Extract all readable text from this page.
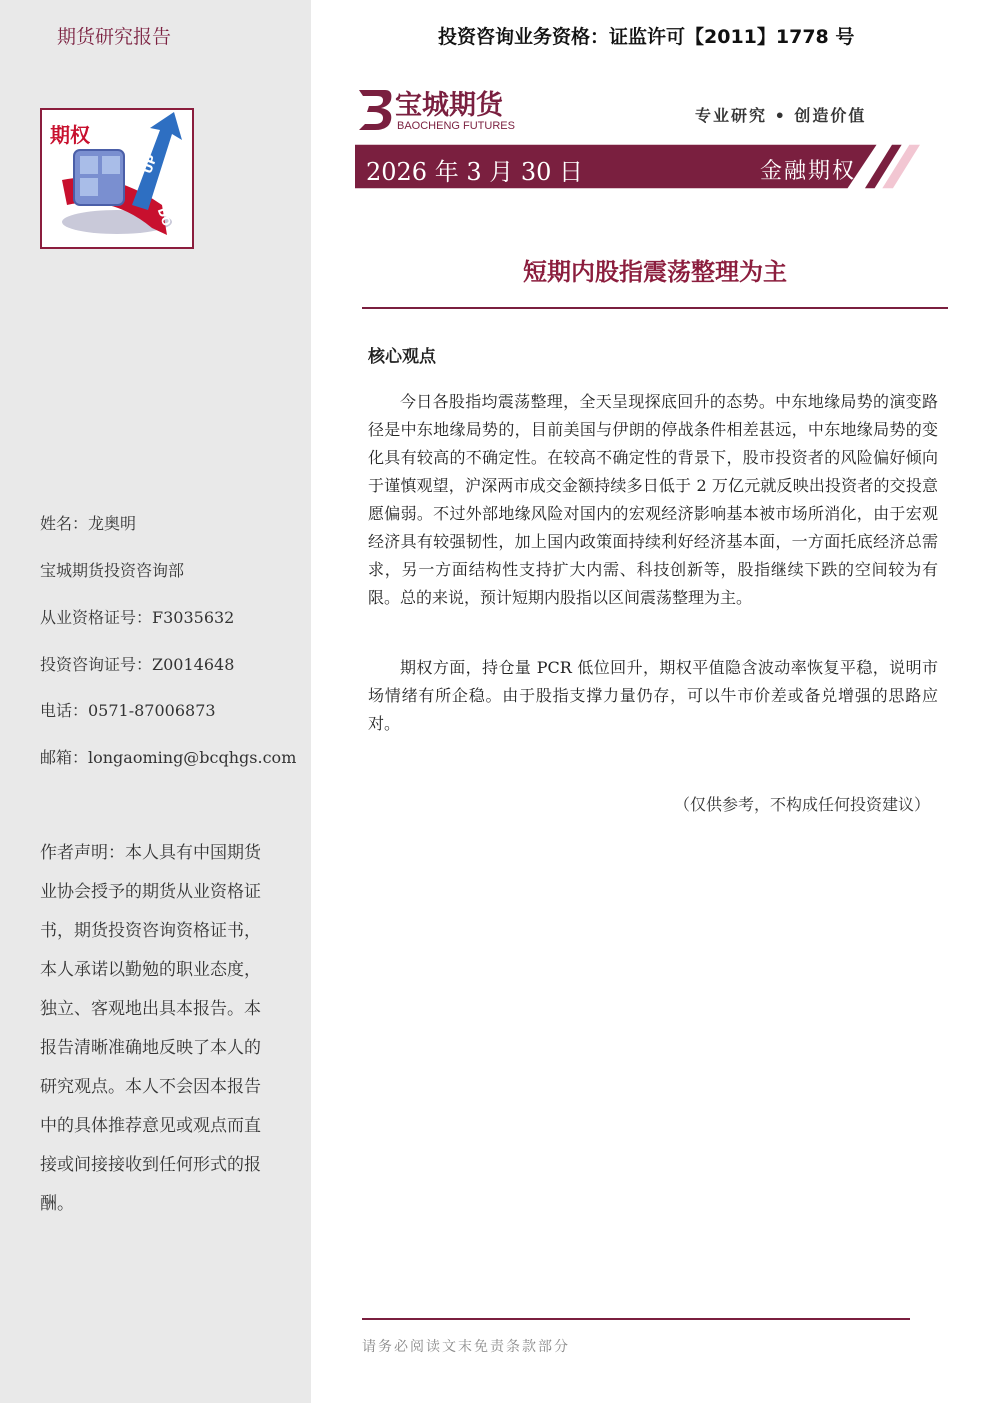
期货研究报告
期权
UP
DO
姓名：龙奥明
宝城期货投资咨询部
从业资格证号：F3035632
投资咨询证号：Z0014648
电话：0571-87006873
邮箱：longaoming@bcqhgs.com
作者声明：本人具有中国期货业协会授予的期货从业资格证书，期货投资咨询资格证书，本人承诺以勤勉的职业态度，独立、客观地出具本报告。本报告清晰准确地反映了本人的研究观点。本人不会因本报告中的具体推荐意见或观点而直接或间接接收到任何形式的报酬。
投资咨询业务资格：证监许可【2011】1778 号
宝城期货
BAOCHENG FUTURES
专业研究 • 创造价值
2026 年 3 月 30 日	金融期权
短期内股指震荡整理为主
核心观点

今日各股指均震荡整理，全天呈现探底回升的态势。中东地缘局势的演变路径是中东地缘局势的，目前美国与伊朗的停战条件相差甚远，中东地缘局势的变化具有较高的不确定性。在较高不确定性的背景下，股市投资者的风险偏好倾向于谨慎观望，沪深两市成交金额持续多日低于 2 万亿元就反映出投资者的交投意愿偏弱。不过外部地缘风险对国内的宏观经济影响基本被市场所消化，由于宏观经济具有较强韧性，加上国内政策面持续利好经济基本面，一方面托底经济总需求，另一方面结构性支持扩大内需、科技创新等，股指继续下跌的空间较为有限。总的来说，预计短期内股指以区间震荡整理为主。

期权方面，持仓量 PCR 低位回升，期权平值隐含波动率恢复平稳，说明市场情绪有所企稳。由于股指支撑力量仍存，可以牛市价差或备兑增强的思路应对。

（仅供参考，不构成任何投资建议）
请务必阅读文末免责条款部分
